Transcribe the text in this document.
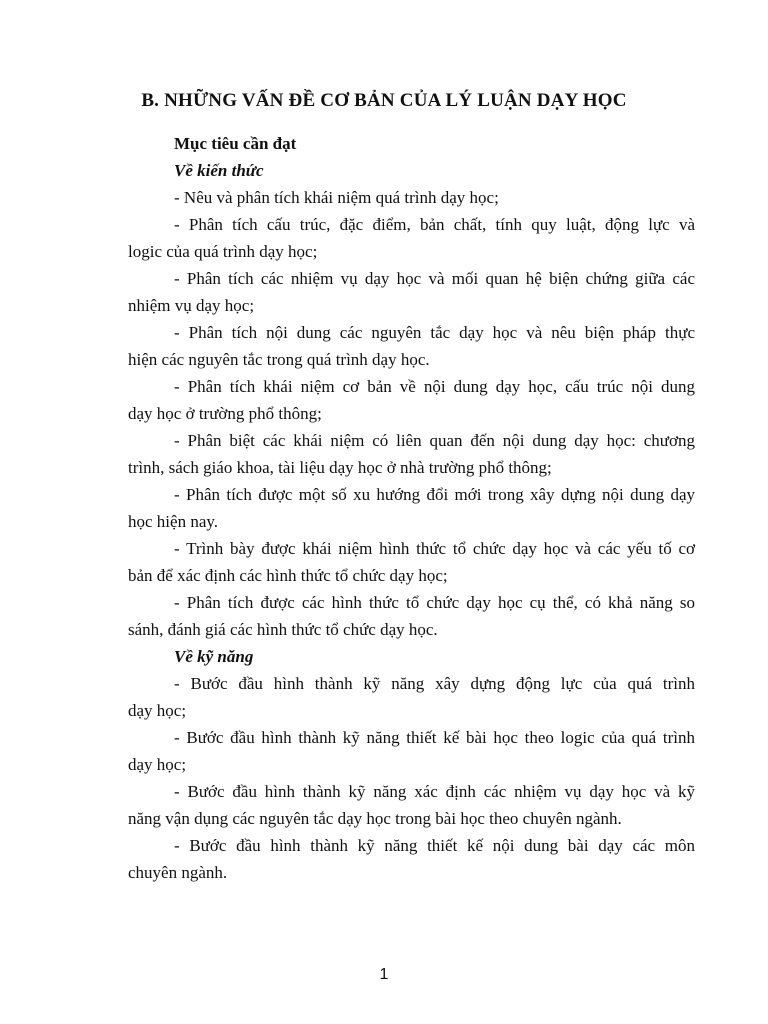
B. NHỮNG VẤN ĐỀ CƠ BẢN CỦA LÝ LUẬN DẠY HỌC
Mục tiêu cần đạt
Về kiến thức
- Nêu và phân tích khái niệm quá trình dạy học;
- Phân tích cấu trúc, đặc điểm, bản chất, tính quy luật, động lực và
logic của quá trình dạy học;
- Phân tích các nhiệm vụ dạy học và mối quan hệ biện chứng giữa các
nhiệm vụ dạy học;
- Phân tích nội dung các nguyên tắc dạy học và nêu biện pháp thực
hiện các nguyên tắc trong quá trình dạy học.
- Phân tích khái niệm cơ bản về nội dung dạy học, cấu trúc nội dung
dạy học ở trường phổ thông;
- Phân biệt các khái niệm có liên quan đến nội dung dạy học: chương
trình, sách giáo khoa, tài liệu dạy học ở nhà trường phổ thông;
- Phân tích được một số xu hướng đổi mới trong xây dựng nội dung dạy
học hiện nay.
- Trình bày được khái niệm hình thức tổ chức dạy học và các yếu tố cơ
bản để xác định các hình thức tổ chức dạy học;
- Phân tích được các hình thức tổ chức dạy học cụ thể, có khả năng so
sánh, đánh giá các hình thức tổ chức dạy học.
Về kỹ năng
- Bước đầu hình thành kỹ năng xây dựng động lực của quá trình
dạy học;
- Bước đầu hình thành kỹ năng thiết kế bài học theo logic của quá trình
dạy học;
- Bước đầu hình thành kỹ năng xác định các nhiệm vụ dạy học và kỹ
năng vận dụng các nguyên tắc dạy học trong bài học theo chuyên ngành.
- Bước đầu hình thành kỹ năng thiết kế nội dung bài dạy các môn
chuyên ngành.
1
